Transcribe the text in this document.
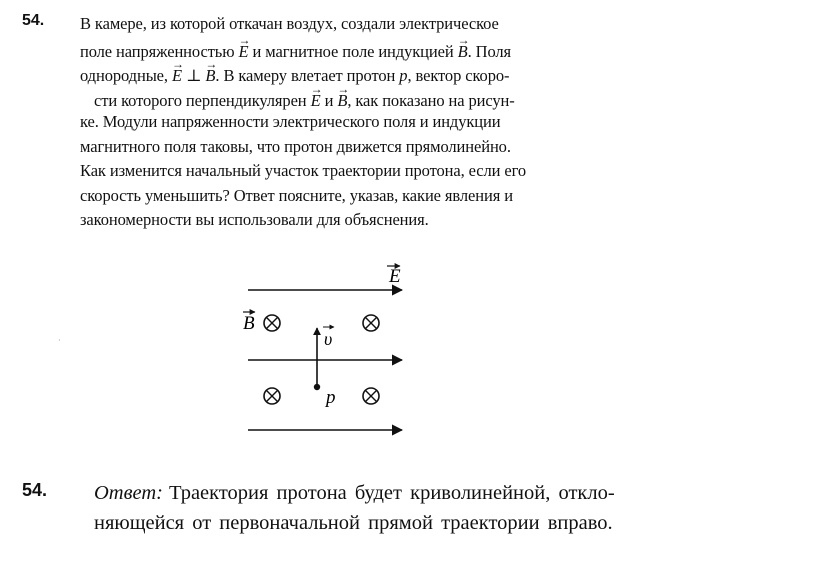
54. В камере, из которой откачан воздух, создали электрическое
поле напряженностью → E и магнитное поле индукцией → B. Поля
однородные, → E ⊥ → B. В камеру влетает протон p, вектор скоро-
сти которого перпендикулярен → E и → B, как показано на рисун-
ке. Модули напряженности электрического поля и индукции
магнитного поля таковы, что протон движется прямолинейно.
Как изменится начальный участок траектории протона, если его
скорость уменьшить? Ответ поясните, указав, какие явления и
закономерности вы использовали для объяснения.
·
E
B
υ
p
54. Ответ: Траектория протона будет криволинейной, откло-
няющейся от первоначальной прямой траектории вправо.
